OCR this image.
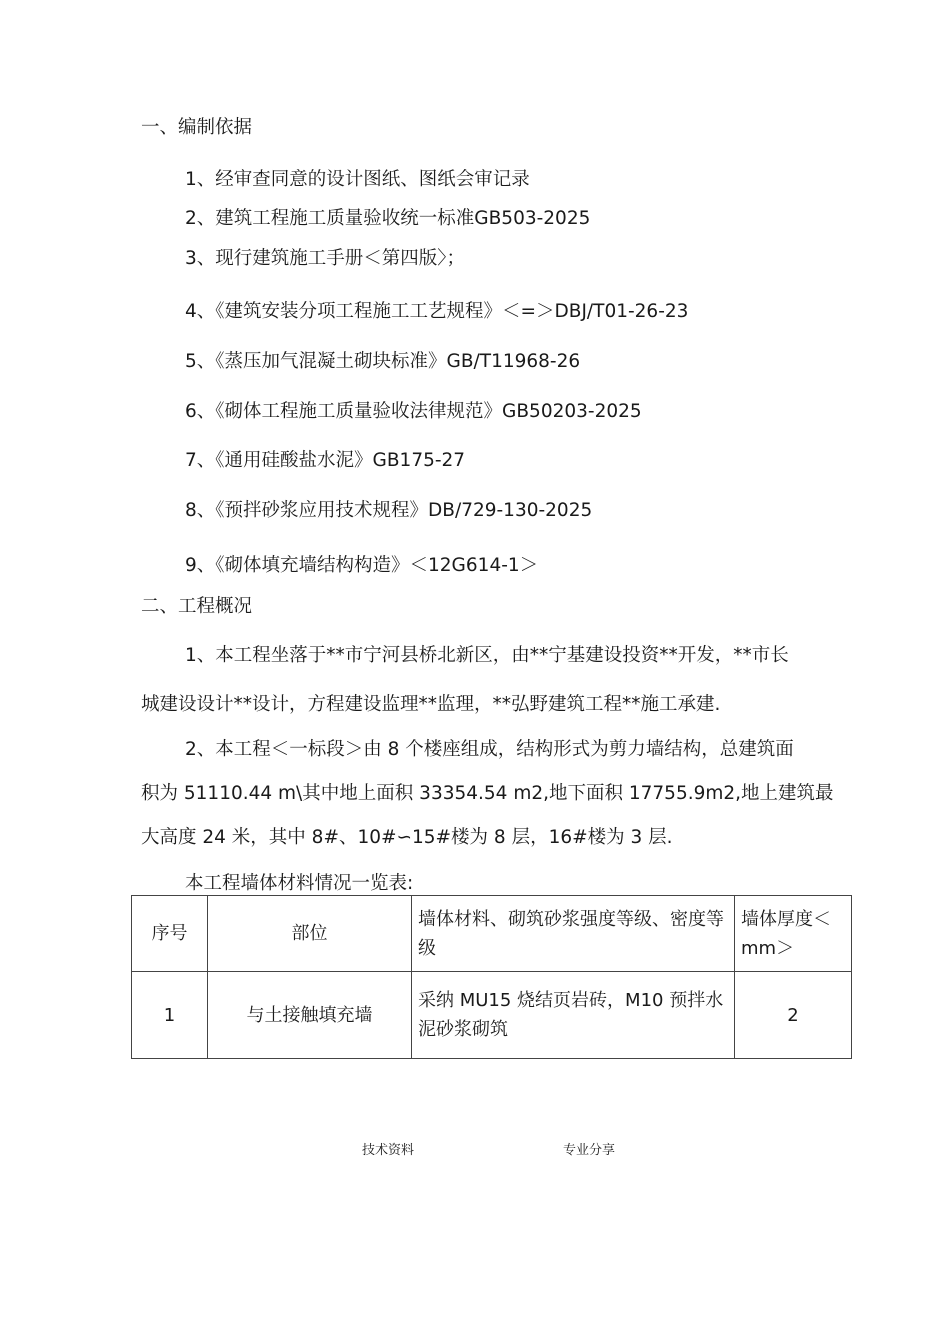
一、编制依据
1、经审查同意的设计图纸、图纸会审记录
2、建筑工程施工质量验收统一标准GB503-2025
3、现行建筑施工手册＜第四版〉；
4、《建筑安装分项工程施工工艺规程》＜=＞DBJ/T01-26-23
5、《蒸压加气混凝土砌块标准》GB/T11968-26
6、《砌体工程施工质量验收法律规范》GB50203-2025
7、《通用硅酸盐水泥》GB175-27
8、《预拌砂浆应用技术规程》DB/729-130-2025
9、《砌体填充墙结构构造》＜12G614-1＞
二、工程概况
1、本工程坐落于**市宁河县桥北新区，由**宁基建设投资**开发，**市长
城建设设计**设计，方程建设监理**监理，**弘野建筑工程**施工承建.
2、本工程＜一标段＞由 8 个楼座组成，结构形式为剪力墙结构，总建筑面
积为 51110.44 m\其中地上面积 33354.54 m2,地下面积 17755.9m2,地上建筑最
大高度 24 米，其中 8#、10#∽15#楼为 8 层，16#楼为 3 层.
本工程墙体材料情况一览表:
序号	部位	墙体材料、砌筑砂浆强度等级、密度等级	墙体厚度＜mm＞
1	与土接触填充墙	采纳 MU15 烧结页岩砖，M10 预拌水泥砂浆砌筑	2
技术资料	专业分享
